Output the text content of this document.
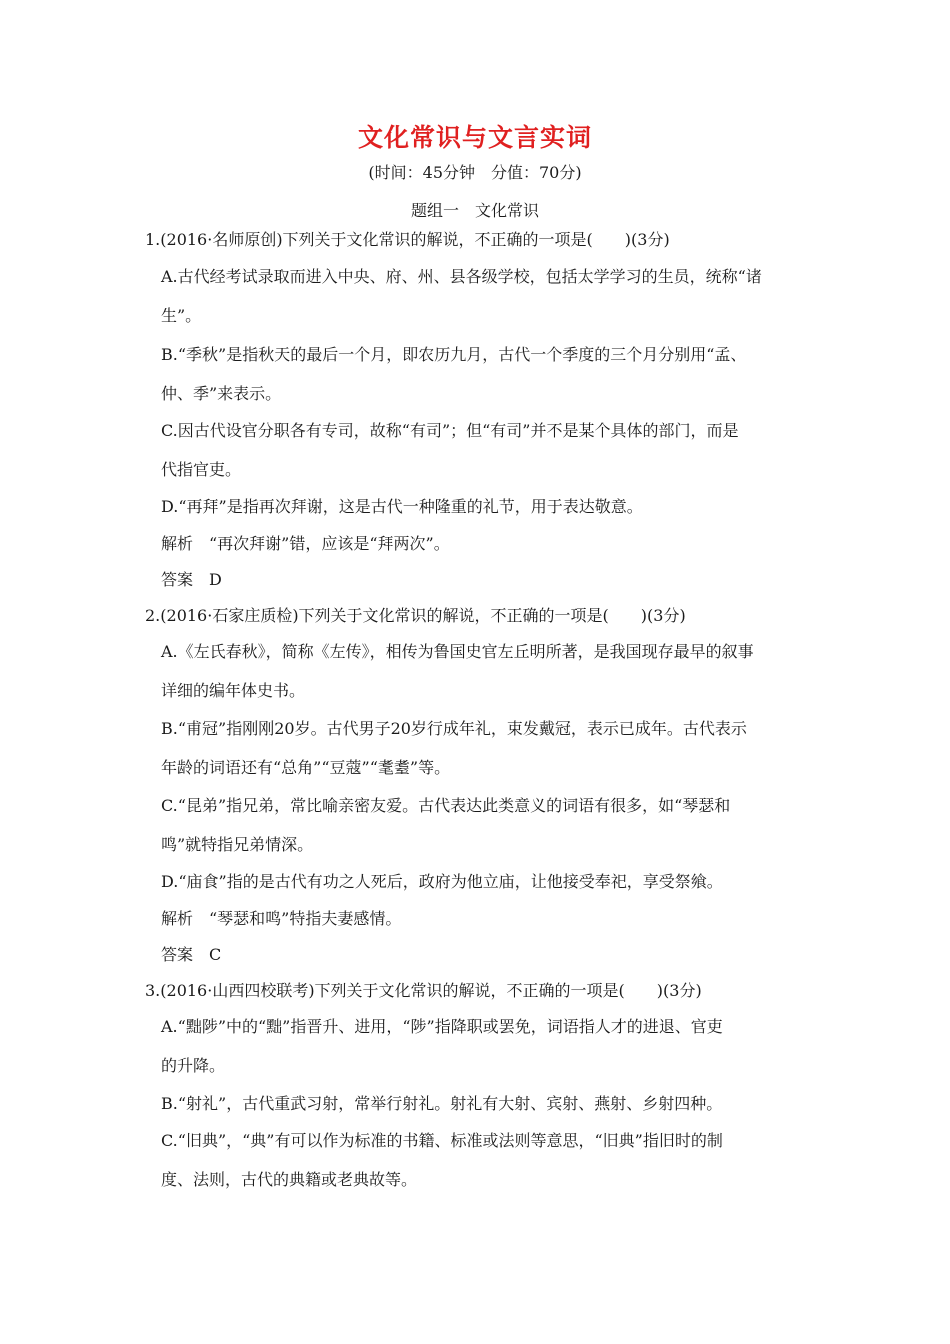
文化常识与文言实词
(时间：45分钟　分值：70分)
题组一　文化常识
1.(2016·名师原创)下列关于文化常识的解说，不正确的一项是(　　)(3分)
A.古代经考试录取而进入中央、府、州、县各级学校，包括太学学习的生员，统称“诸
生”。
B.“季秋”是指秋天的最后一个月，即农历九月，古代一个季度的三个月分别用“孟、
仲、季”来表示。
C.因古代设官分职各有专司，故称“有司”；但“有司”并不是某个具体的部门，而是
代指官吏。
D.“再拜”是指再次拜谢，这是古代一种隆重的礼节，用于表达敬意。
解析　“再次拜谢”错，应该是“拜两次”。
答案　D
2.(2016·石家庄质检)下列关于文化常识的解说，不正确的一项是(　　)(3分)
A.《左氏春秋》，简称《左传》，相传为鲁国史官左丘明所著，是我国现存最早的叙事
详细的编年体史书。
B.“甫冠”指刚刚20岁。古代男子20岁行成年礼，束发戴冠，表示已成年。古代表示
年龄的词语还有“总角”“豆蔻”“耄耋”等。
C.“昆弟”指兄弟，常比喻亲密友爱。古代表达此类意义的词语有很多，如“琴瑟和
鸣”就特指兄弟情深。
D.“庙食”指的是古代有功之人死后，政府为他立庙，让他接受奉祀，享受祭飨。
解析　“琴瑟和鸣”特指夫妻感情。
答案　C
3.(2016·山西四校联考)下列关于文化常识的解说，不正确的一项是(　　)(3分)
A.“黜陟”中的“黜”指晋升、进用，“陟”指降职或罢免，词语指人才的进退、官吏
的升降。
B.“射礼”，古代重武习射，常举行射礼。射礼有大射、宾射、燕射、乡射四种。
C.“旧典”，“典”有可以作为标准的书籍、标准或法则等意思，“旧典”指旧时的制
度、法则，古代的典籍或老典故等。
